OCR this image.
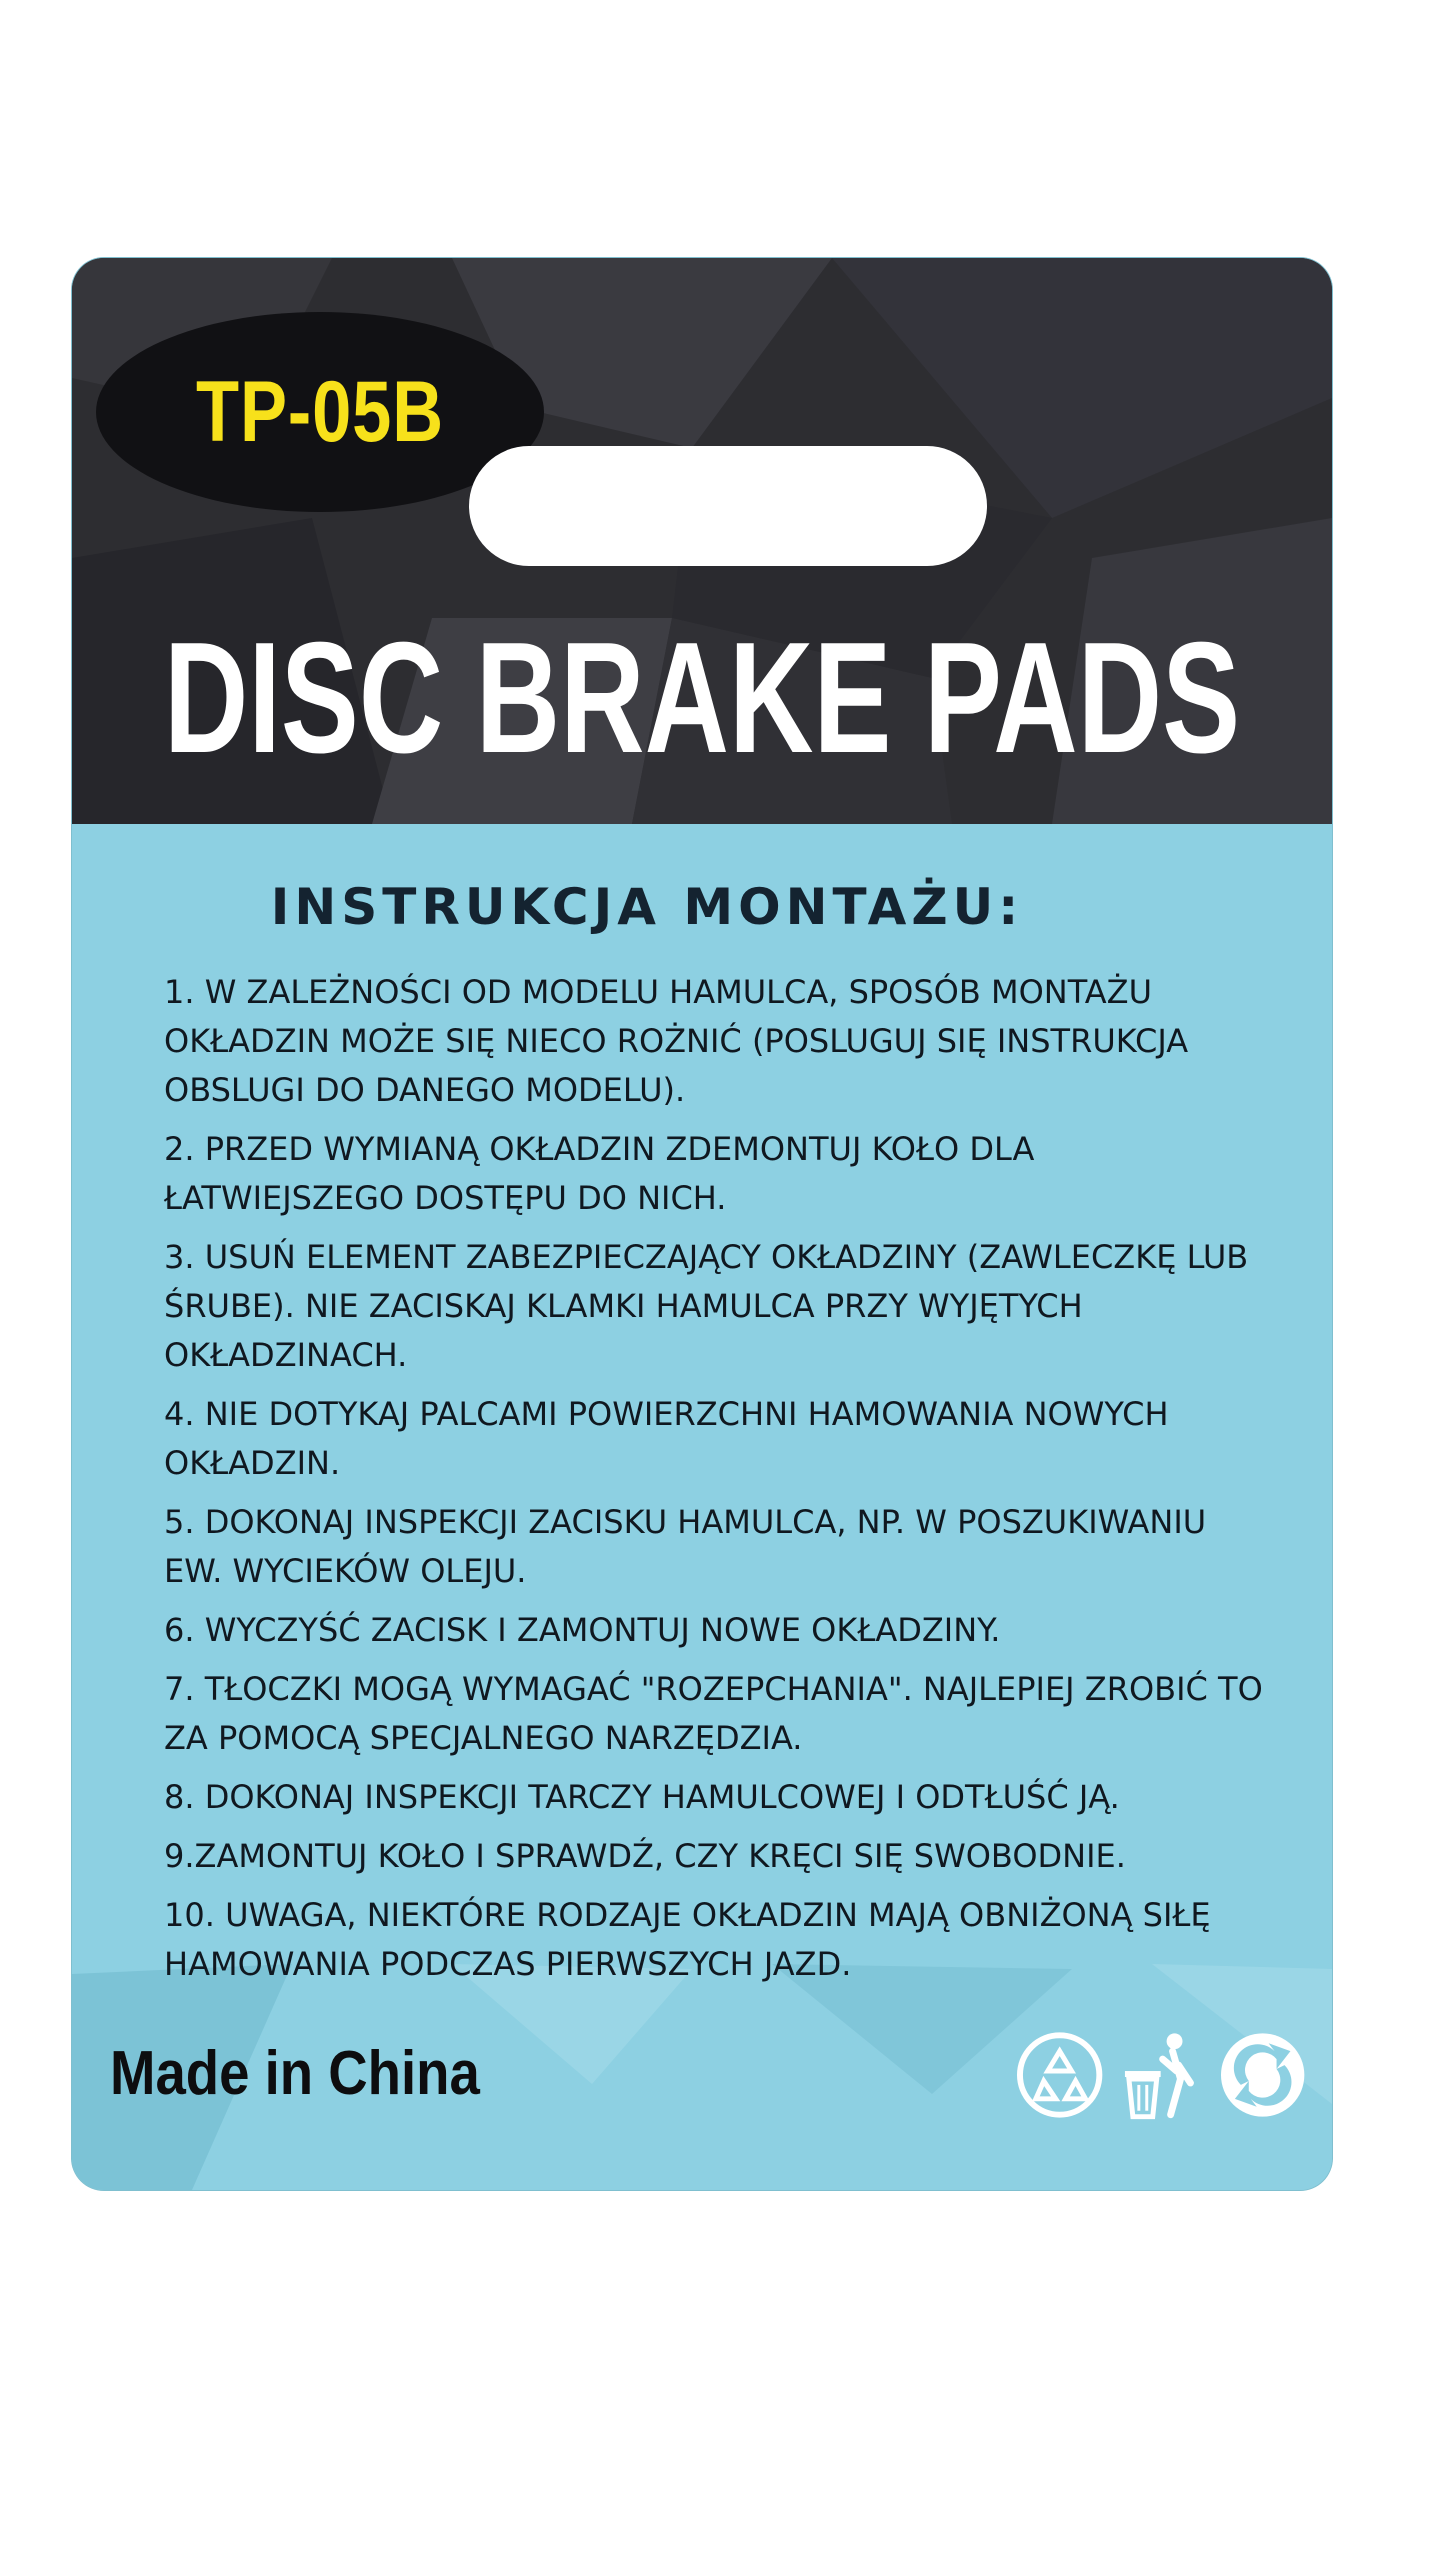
TP-05B
DISC BRAKE PADS
INSTRUKCJA MONTAŻU:
1. W ZALEŻNOŚCI OD MODELU HAMULCA, SPOSÓB MONTAŻU
OKŁADZIN MOŻE SIĘ NIECO ROŻNIĆ (POSLUGUJ SIĘ INSTRUKCJA
OBSLUGI DO DANEGO MODELU).
2. PRZED WYMIANĄ OKŁADZIN ZDEMONTUJ KOŁO DLA
ŁATWIEJSZEGO DOSTĘPU DO NICH.
3. USUŃ ELEMENT ZABEZPIECZAJĄCY OKŁADZINY (ZAWLECZKĘ LUB
ŚRUBE). NIE ZACISKAJ KLAMKI HAMULCA PRZY WYJĘTYCH
OKŁADZINACH.
4. NIE DOTYKAJ PALCAMI POWIERZCHNI HAMOWANIA NOWYCH
OKŁADZIN.
5. DOKONAJ INSPEKCJI ZACISKU HAMULCA, NP. W POSZUKIWANIU
EW. WYCIEKÓW OLEJU.
6. WYCZYŚĆ ZACISK I ZAMONTUJ NOWE OKŁADZINY.
7. TŁOCZKI MOGĄ WYMAGAĆ "ROZEPCHANIA". NAJLEPIEJ ZROBIĆ TO
ZA POMOCĄ SPECJALNEGO NARZĘDZIA.
8. DOKONAJ INSPEKCJI TARCZY HAMULCOWEJ I ODTŁUŚĆ JĄ.
9.ZAMONTUJ KOŁO I SPRAWDŹ, CZY KRĘCI SIĘ SWOBODNIE.
10. UWAGA, NIEKTÓRE RODZAJE OKŁADZIN MAJĄ OBNIŻONĄ SIŁĘ
HAMOWANIA PODCZAS PIERWSZYCH JAZD.
Made in China
